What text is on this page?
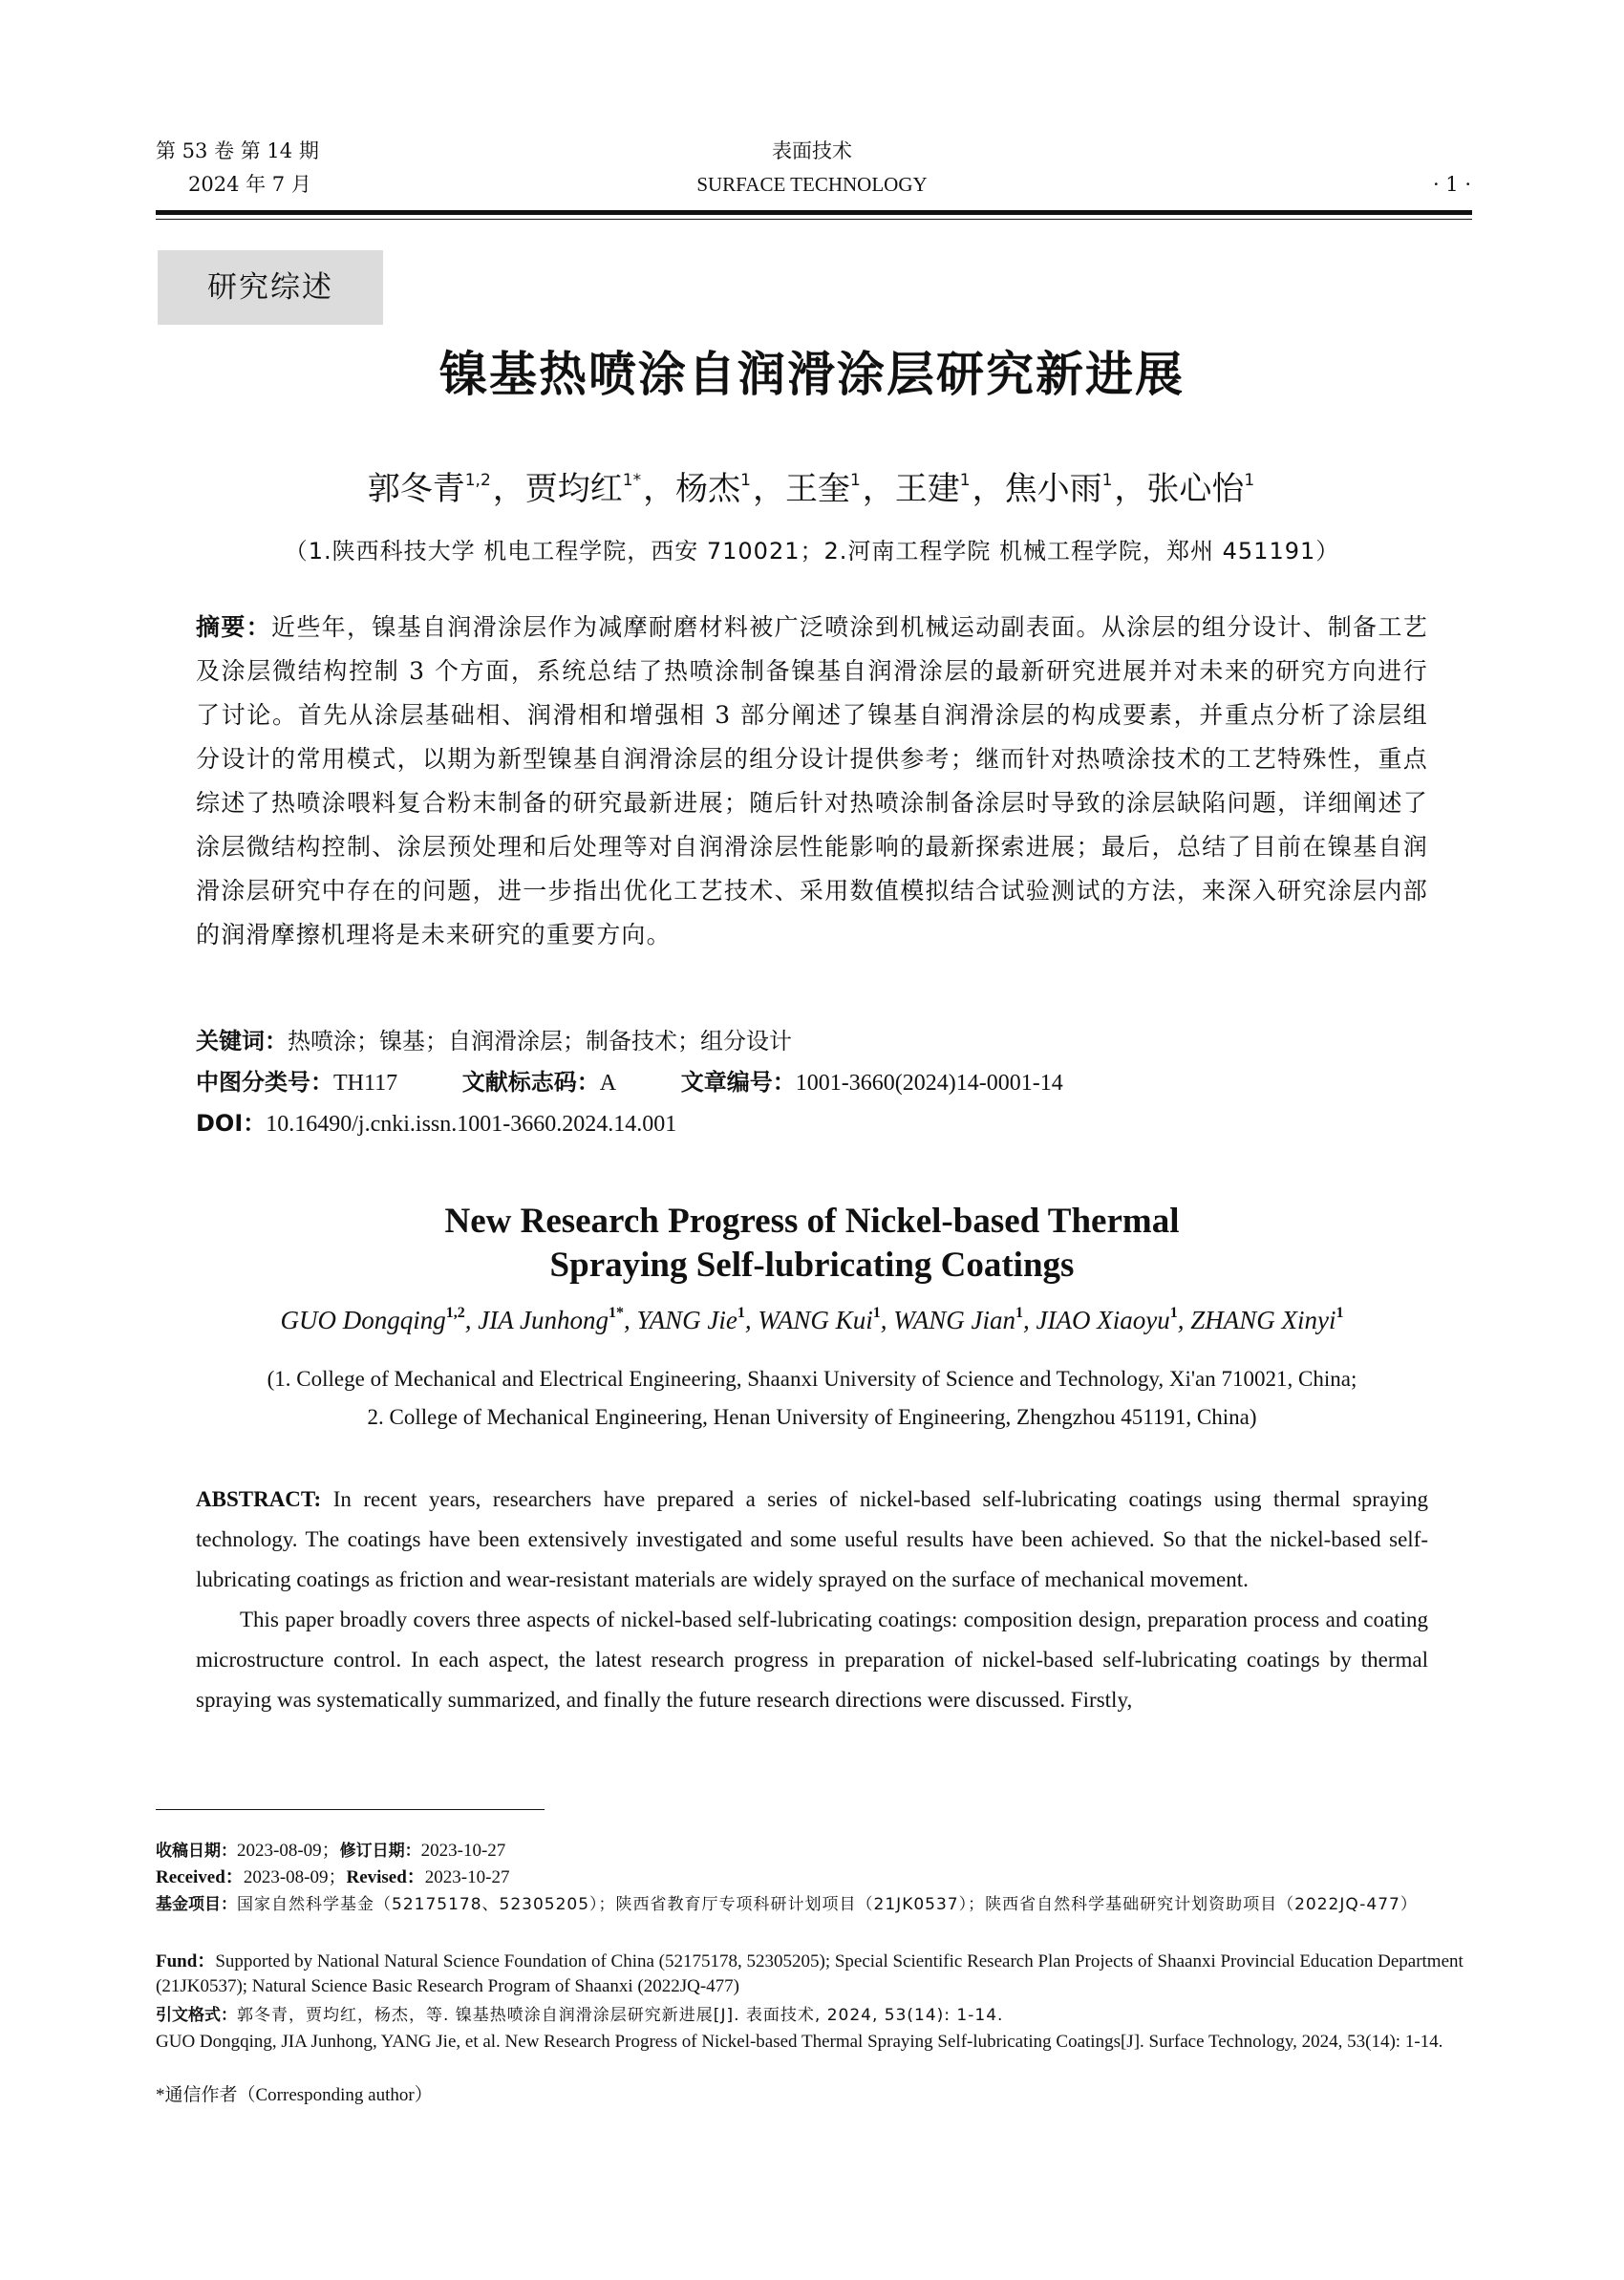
第 53 卷 第 14 期
2024 年 7 月
表面技术
SURFACE TECHNOLOGY	· 1 ·
研究综述
镍基热喷涂自润滑涂层研究新进展
郭冬青$^{1,2}$，贾均红$^{1*}$，杨杰$^1$，王奎$^1$，王建$^1$，焦小雨$^1$，张心怡$^1$
（1.陕西科技大学 机电工程学院，西安 710021；2.河南工程学院 机械工程学院，郑州 451191）
摘要：近些年，镍基自润滑涂层作为减摩耐磨材料被广泛喷涂到机械运动副表面。从涂层的组分设计、制备工艺及涂层微结构控制 3 个方面，系统总结了热喷涂制备镍基自润滑涂层的最新研究进展并对未来的研究方向进行了讨论。首先从涂层基础相、润滑相和增强相 3 部分阐述了镍基自润滑涂层的构成要素，并重点分析了涂层组分设计的常用模式，以期为新型镍基自润滑涂层的组分设计提供参考；继而针对热喷涂技术的工艺特殊性，重点综述了热喷涂喂料复合粉末制备的研究最新进展；随后针对热喷涂制备涂层时导致的涂层缺陷问题，详细阐述了涂层微结构控制、涂层预处理和后处理等对自润滑涂层性能影响的最新探索进展；最后，总结了目前在镍基自润滑涂层研究中存在的问题，进一步指出优化工艺技术、采用数值模拟结合试验测试的方法，来深入研究涂层内部的润滑摩擦机理将是未来研究的重要方向。
关键词：热喷涂；镍基；自润滑涂层；制备技术；组分设计
中图分类号：TH117	文献标志码：A	文章编号：1001-3660(2024)14-0001-14
DOI：10.16490/j.cnki.issn.1001-3660.2024.14.001
New Research Progress of Nickel-based Thermal
Spraying Self-lubricating Coatings
GUO Dongqing$^{1,2}$, JIA Junhong$^{1*}$, YANG Jie$^1$, WANG Kui$^1$, WANG Jian$^1$, JIAO Xiaoyu$^1$, ZHANG Xinyi$^1$
(1. College of Mechanical and Electrical Engineering, Shaanxi University of Science and Technology, Xi'an 710021, China;
2. College of Mechanical Engineering, Henan University of Engineering, Zhengzhou 451191, China)

ABSTRACT: In recent years, researchers have prepared a series of nickel-based self-lubricating coatings using thermal spraying technology. The coatings have been extensively investigated and some useful results have been achieved. So that the nickel-based self-lubricating coatings as friction and wear-resistant materials are widely sprayed on the surface of mechanical movement.

This paper broadly covers three aspects of nickel-based self-lubricating coatings: composition design, preparation process and coating microstructure control. In each aspect, the latest research progress in preparation of nickel-based self-lubricating coatings by thermal spraying was systematically summarized, and finally the future research directions were discussed. Firstly,

收稿日期：2023-08-09；修订日期：2023-10-27
Received：2023-08-09；Revised：2023-10-27
基金项目：国家自然科学基金（52175178、52305205）；陕西省教育厅专项科研计划项目（21JK0537）；陕西省自然科学基础研究计划资助项目（2022JQ-477）
Fund：Supported by National Natural Science Foundation of China (52175178, 52305205); Special Scientific Research Plan Projects of Shaanxi Provincial Education Department (21JK0537); Natural Science Basic Research Program of Shaanxi (2022JQ-477)
引文格式：郭冬青，贾均红，杨杰，等. 镍基热喷涂自润滑涂层研究新进展[J]. 表面技术, 2024, 53(14): 1-14.
GUO Dongqing, JIA Junhong, YANG Jie, et al. New Research Progress of Nickel-based Thermal Spraying Self-lubricating Coatings[J]. Surface Technology, 2024, 53(14): 1-14.
*通信作者（Corresponding author）
